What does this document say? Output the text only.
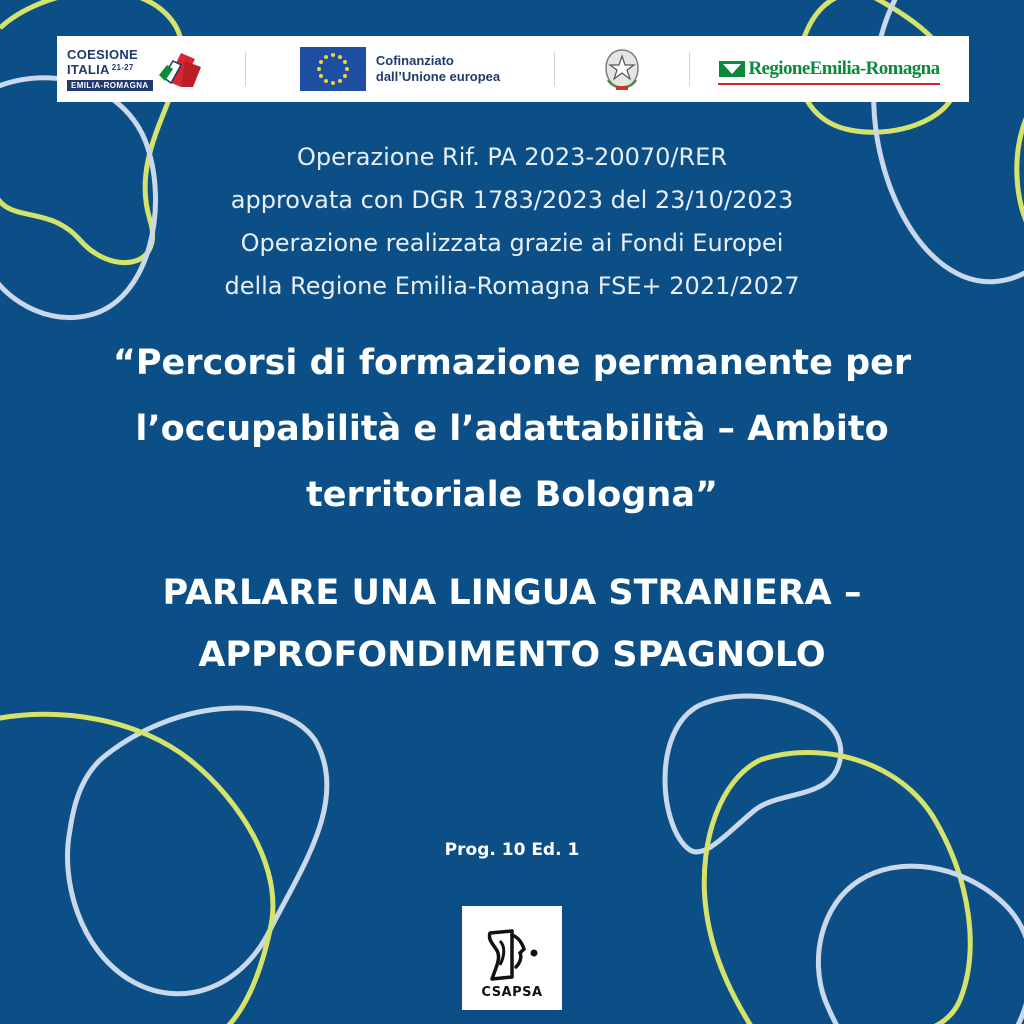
COESIONE
ITALIA $^{21-27}$
EMILIA-ROMAGNA
Cofinanziato
dall’Unione europea	RegioneEmilia-Romagna
Operazione Rif. PA 2023-20070/RER
approvata con DGR 1783/2023 del 23/10/2023
Operazione realizzata grazie ai Fondi Europei
della Regione Emilia-Romagna FSE+ 2021/2027
“Percorsi di formazione permanente per
l’occupabilità e l’adattabilità – Ambito
territoriale Bologna”
PARLARE UNA LINGUA STRANIERA –
APPROFONDIMENTO SPAGNOLO
Prog. 10 Ed. 1
CSAPSA
